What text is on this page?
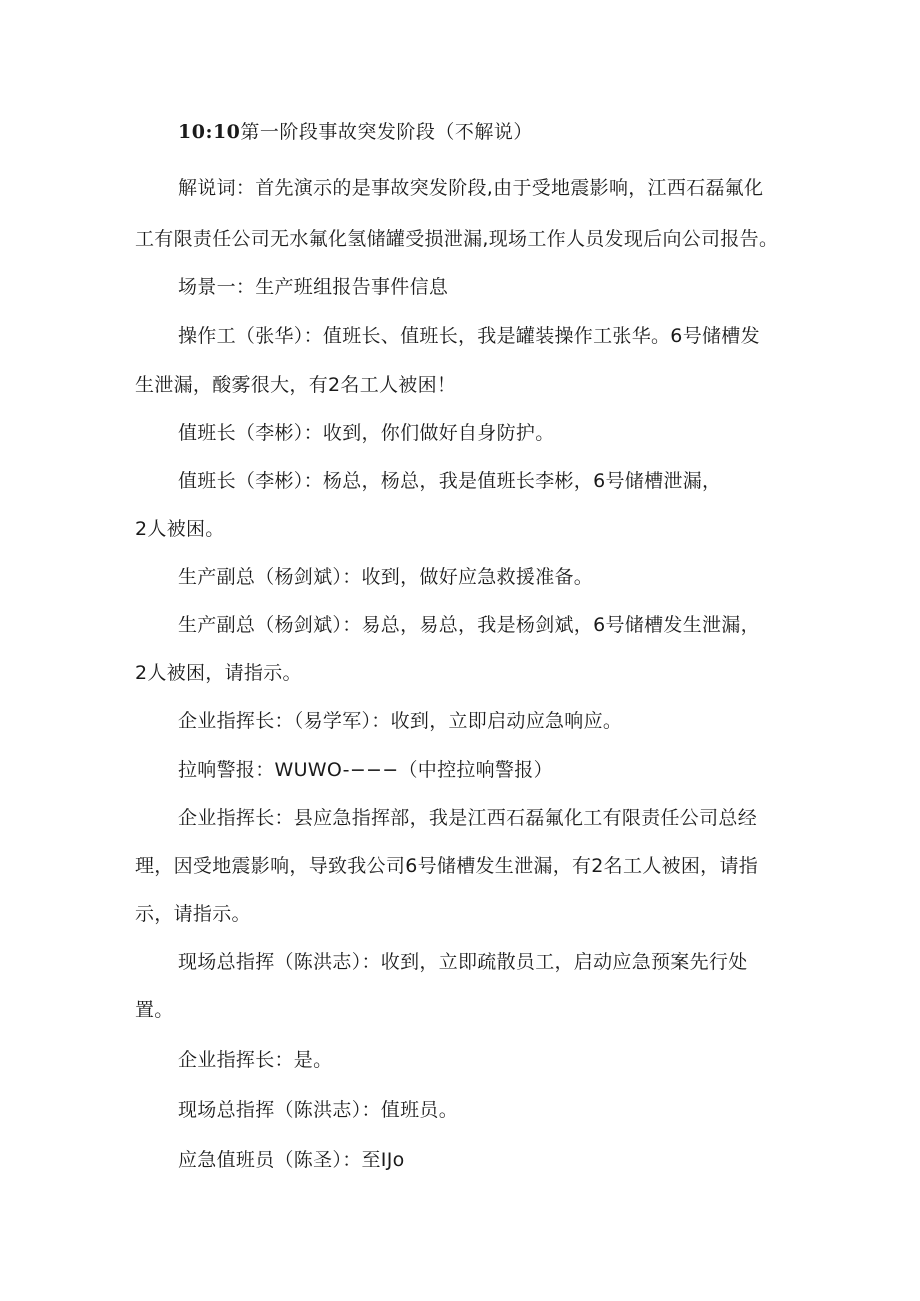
10:10第一阶段事故突发阶段（不解说）
解说词：首先演示的是事故突发阶段,由于受地震影响，江西石磊氟化
工有限责任公司无水氟化氢储罐受损泄漏,现场工作人员发现后向公司报告。
场景一：生产班组报告事件信息
操作工（张华）：值班长、值班长，我是罐装操作工张华。6号储槽发
生泄漏，酸雾很大，有2名工人被困！
值班长（李彬）：收到，你们做好自身防护。
值班长（李彬）：杨总，杨总，我是值班长李彬，6号储槽泄漏，
2人被困。
生产副总（杨剑斌）：收到，做好应急救援准备。
生产副总（杨剑斌）：易总，易总，我是杨剑斌，6号储槽发生泄漏，
2人被困，请指示。
企业指挥长：（易学军）：收到，立即启动应急响应。
拉响警报：WUWO-−−−（中控拉响警报）
企业指挥长：县应急指挥部，我是江西石磊氟化工有限责任公司总经
理，因受地震影响，导致我公司6号储槽发生泄漏，有2名工人被困，请指
示，请指示。
现场总指挥（陈洪志）：收到，立即疏散员工，启动应急预案先行处
置。
企业指挥长：是。
现场总指挥（陈洪志）：值班员。
应急值班员（陈圣）：至IJo
